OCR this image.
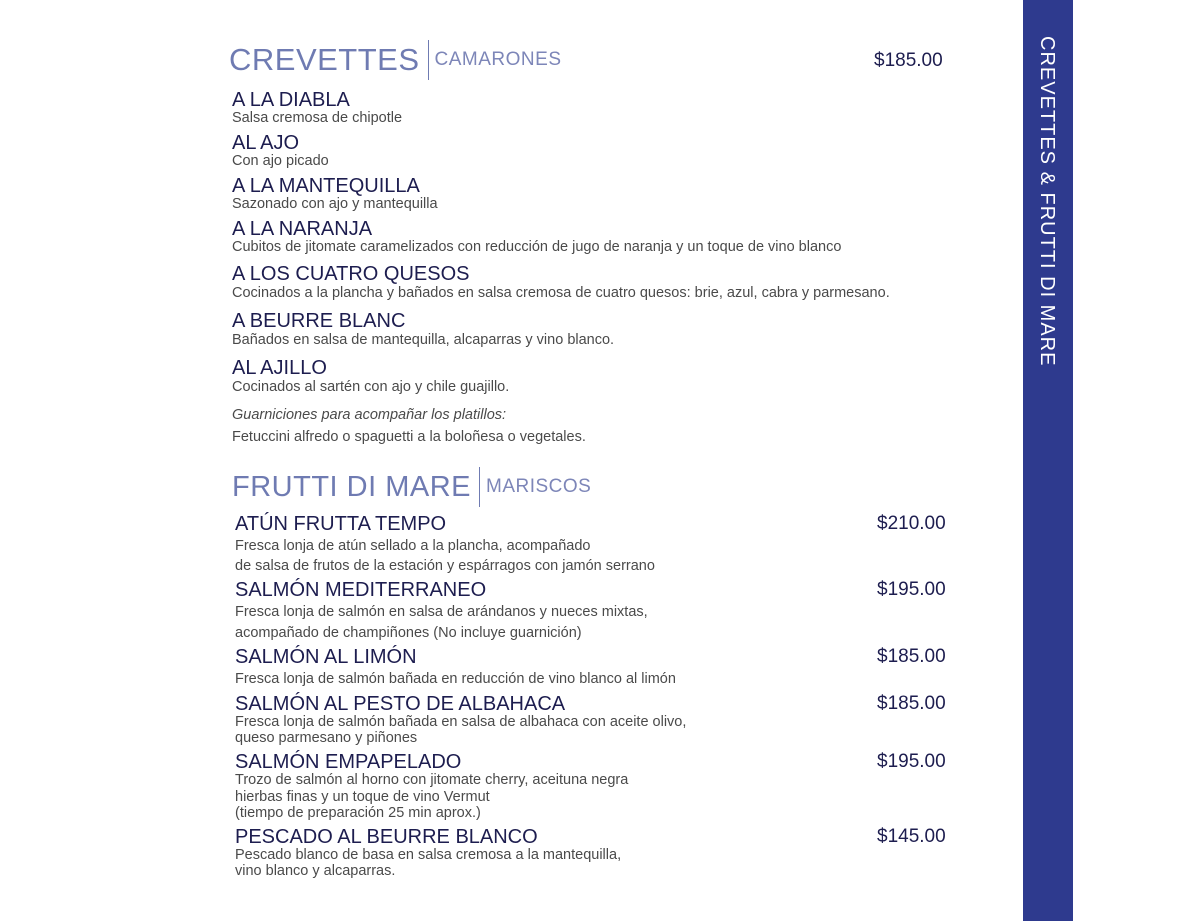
CREVETTES & FRUTTI DI MARE
CREVETTES CAMARONES	$185.00
A LA DIABLA
Salsa cremosa de chipotle
AL AJO
Con ajo picado
A LA MANTEQUILLA
Sazonado con ajo y mantequilla
A LA NARANJA
Cubitos de jitomate caramelizados con reducción de jugo de naranja y un toque de vino blanco
A LOS CUATRO QUESOS
Cocinados a la plancha y bañados en salsa cremosa de cuatro quesos: brie, azul, cabra y parmesano.
A BEURRE BLANC
Bañados en salsa de mantequilla, alcaparras y vino blanco.
AL AJILLO
Cocinados al sartén con ajo y chile guajillo.
Guarniciones para acompañar los platillos:
Fetuccini alfredo o spaguetti a la boloñesa o vegetales.
FRUTTI DI MARE MARISCOS
ATÚN FRUTTA TEMPO	$210.00
Fresca lonja de atún sellado a la plancha, acompañado
de salsa de frutos de la estación y espárragos con jamón serrano
SALMÓN MEDITERRANEO	$195.00
Fresca lonja de salmón en salsa de arándanos y nueces mixtas,
acompañado de champiñones (No incluye guarnición)
SALMÓN AL LIMÓN	$185.00
Fresca lonja de salmón bañada en reducción de vino blanco al limón
SALMÓN AL PESTO DE ALBAHACA	$185.00
Fresca lonja de salmón bañada en salsa de albahaca con aceite olivo,
queso parmesano y piñones
SALMÓN EMPAPELADO	$195.00
Trozo de salmón al horno con jitomate cherry, aceituna negra
hierbas finas y un toque de vino Vermut
(tiempo de preparación 25 min aprox.)
PESCADO AL BEURRE BLANCO	$145.00
Pescado blanco de basa en salsa cremosa a la mantequilla,
vino blanco y alcaparras.
